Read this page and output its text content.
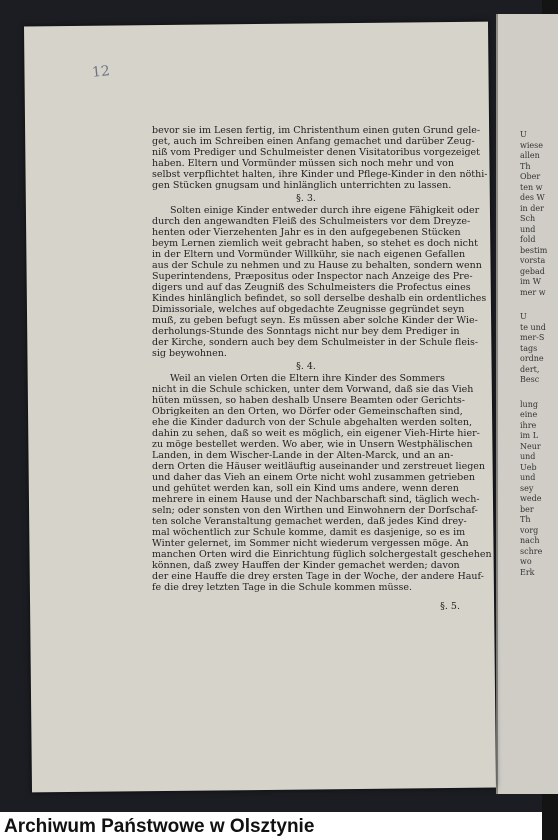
12
bevor sie im Lesen fertig, im Christenthum einen guten Grund gele-
get, auch im Schreiben einen Anfang gemachet und darüber Zeug-
niß vom Prediger und Schulmeister denen Visitatoribus vorgezeiget
haben. Eltern und Vormünder müssen sich noch mehr und von
selbst verpflichtet halten, ihre Kinder und Pflege-Kinder in den nöthi-
gen Stücken gnugsam und hinlänglich unterrichten zu lassen.
§. 3.
Solten einige Kinder entweder durch ihre eigene Fähigkeit oder
durch den angewandten Fleiß des Schulmeisters vor dem Dreyze-
henten oder Vierzehenten Jahr es in den aufgegebenen Stücken
beym Lernen ziemlich weit gebracht haben, so stehet es doch nicht
in der Eltern und Vormünder Willkühr, sie nach eigenen Gefallen
aus der Schule zu nehmen und zu Hause zu behalten, sondern wenn
Superintendens, Præpositus oder Inspector nach Anzeige des Pre-
digers und auf das Zeugniß des Schulmeisters die Profectus eines
Kindes hinlänglich befindet, so soll derselbe deshalb ein ordentliches
Dimissoriale, welches auf obgedachte Zeugnisse gegründet seyn
muß, zu geben befugt seyn. Es müssen aber solche Kinder der Wie-
derholungs-Stunde des Sonntags nicht nur bey dem Prediger in
der Kirche, sondern auch bey dem Schulmeister in der Schule fleis-
sig beywohnen.
§. 4.
Weil an vielen Orten die Eltern ihre Kinder des Sommers
nicht in die Schule schicken, unter dem Vorwand, daß sie das Vieh
hüten müssen, so haben deshalb Unsere Beamten oder Gerichts-
Obrigkeiten an den Orten, wo Dörfer oder Gemeinschaften sind,
ehe die Kinder dadurch von der Schule abgehalten werden solten,
dahin zu sehen, daß so weit es möglich, ein eigener Vieh-Hirte hier-
zu möge bestellet werden. Wo aber, wie in Unsern Westphälischen
Landen, in dem Wischer-Lande in der Alten-Marck, und an an-
dern Orten die Häuser weitläuftig auseinander und zerstreuet liegen
und daher das Vieh an einem Orte nicht wohl zusammen getrieben
und gehütet werden kan, soll ein Kind ums andere, wenn deren
mehrere in einem Hause und der Nachbarschaft sind, täglich wech-
seln; oder sonsten von den Wirthen und Einwohnern der Dorfschaf-
ten solche Veranstaltung gemachet werden, daß jedes Kind drey-
mal wöchentlich zur Schule komme, damit es dasjenige, so es im
Winter gelernet, im Sommer nicht wiederum vergessen möge. An
manchen Orten wird die Einrichtung füglich solchergestalt geschehen
können, daß zwey Hauffen der Kinder gemachet werden; davon
der eine Hauffe die drey ersten Tage in der Woche, der andere Hauf-
fe die drey letzten Tage in die Schule kommen müsse.
§. 5.
U
wiese
allen
Th
Ober
ten w
des W
in der
Sch
und
fold
bestim
vorsta
gebad
im W
mer w
U
te und
mer-S
tags
ordne
dert,
Besc
lung
eine
ihre
im L
Neur
und
Ueb
und
sey
wede
ber
Th
vorg
nach
schre
wo
Erk
Archiwum Państwowe w Olsztynie
